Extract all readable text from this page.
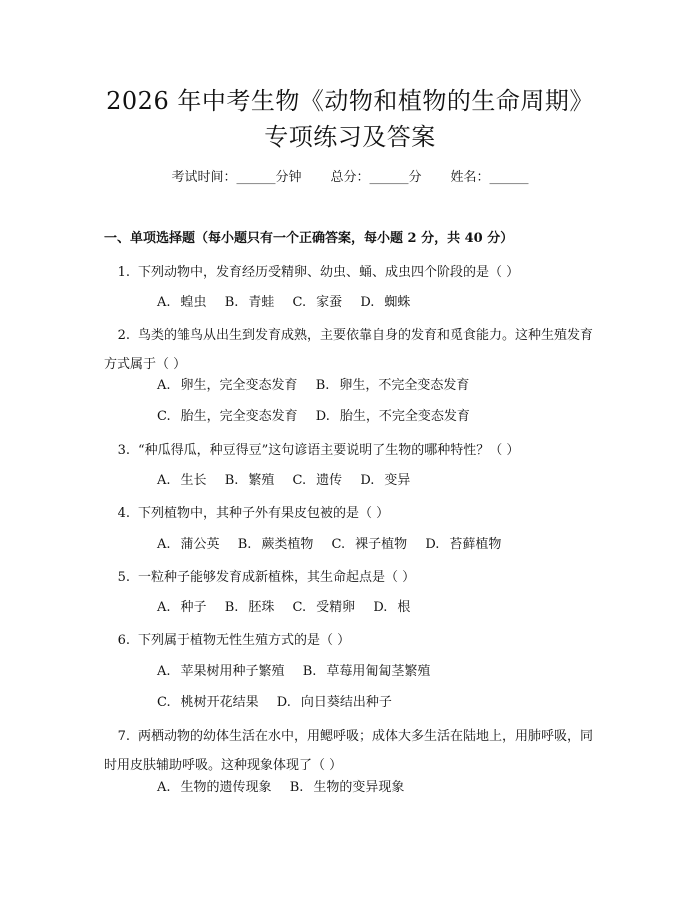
2026 年中考生物《动物和植物的生命周期》
专项练习及答案
考试时间：______分钟 总分：______分 姓名：______
一、单项选择题（每小题只有一个正确答案，每小题 2 分，共 40 分）
1. 下列动物中，发育经历受精卵、幼虫、蛹、成虫四个阶段的是（ ）
A. 蝗虫 B. 青蛙 C. 家蚕 D. 蜘蛛
2. 鸟类的雏鸟从出生到发育成熟，主要依靠自身的发育和觅食能力。这种生殖发育方式属于（ ）
A. 卵生，完全变态发育 B. 卵生，不完全变态发育
C. 胎生，完全变态发育 D. 胎生，不完全变态发育
3. “种瓜得瓜，种豆得豆”这句谚语主要说明了生物的哪种特性？（ ）
A. 生长 B. 繁殖 C. 遗传 D. 变异
4. 下列植物中，其种子外有果皮包被的是（ ）
A. 蒲公英 B. 蕨类植物 C. 裸子植物 D. 苔藓植物
5. 一粒种子能够发育成新植株，其生命起点是（ ）
A. 种子 B. 胚珠 C. 受精卵 D. 根
6. 下列属于植物无性生殖方式的是（ ）
A. 苹果树用种子繁殖 B. 草莓用匍匐茎繁殖
C. 桃树开花结果 D. 向日葵结出种子
7. 两栖动物的幼体生活在水中，用鳃呼吸；成体大多生活在陆地上，用肺呼吸，同时用皮肤辅助呼吸。这种现象体现了（ ）
A. 生物的遗传现象 B. 生物的变异现象
